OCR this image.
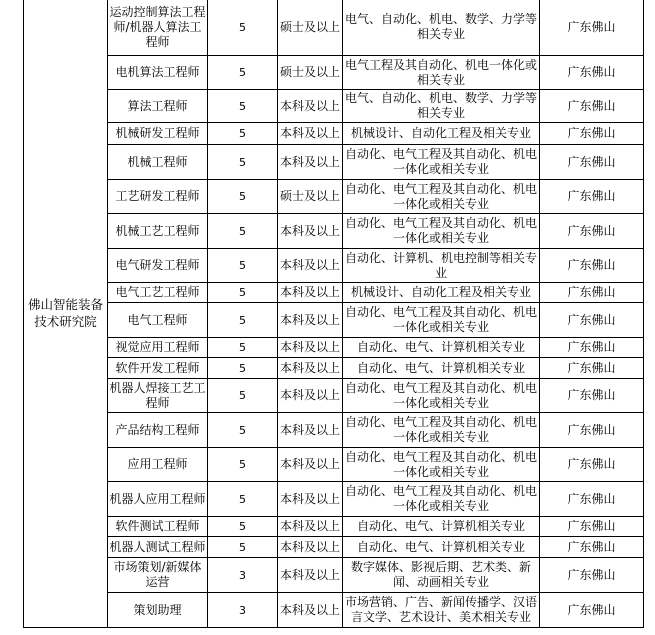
佛山智能装备技术研究院	运动控制算法工程师/机器人算法工程师	5	硕士及以上	电气、自动化、机电、数学、力学等相关专业	广东佛山
	电机算法工程师	5	硕士及以上	电气工程及其自动化、机电一体化或相关专业	广东佛山
	算法工程师	5	本科及以上	电气、自动化、机电、数学、力学等相关专业	广东佛山
	机械研发工程师	5	本科及以上	机械设计、自动化工程及相关专业	广东佛山
	机械工程师	5	本科及以上	自动化、电气工程及其自动化、机电一体化或相关专业	广东佛山
	工艺研发工程师	5	硕士及以上	自动化、电气工程及其自动化、机电一体化或相关专业	广东佛山
	机械工艺工程师	5	本科及以上	自动化、电气工程及其自动化、机电一体化或相关专业	广东佛山
	电气研发工程师	5	本科及以上	自动化、计算机、机电控制等相关专业	广东佛山
	电气工艺工程师	5	本科及以上	机械设计、自动化工程及相关专业	广东佛山
	电气工程师	5	本科及以上	自动化、电气工程及其自动化、机电一体化或相关专业	广东佛山
	视觉应用工程师	5	本科及以上	自动化、电气、计算机相关专业	广东佛山
	软件开发工程师	5	本科及以上	自动化、电气、计算机相关专业	广东佛山
	机器人焊接工艺工程师	5	本科及以上	自动化、电气工程及其自动化、机电一体化或相关专业	广东佛山
	产品结构工程师	5	本科及以上	自动化、电气工程及其自动化、机电一体化或相关专业	广东佛山
	应用工程师	5	本科及以上	自动化、电气工程及其自动化、机电一体化或相关专业	广东佛山
	机器人应用工程师	5	本科及以上	自动化、电气工程及其自动化、机电一体化或相关专业	广东佛山
	软件测试工程师	5	本科及以上	自动化、电气、计算机相关专业	广东佛山
	机器人测试工程师	5	本科及以上	自动化、电气、计算机相关专业	广东佛山
	市场策划/新媒体运营	3	本科及以上	数字媒体、影视后期、艺术类、新闻、动画相关专业	广东佛山
	策划助理	3	本科及以上	市场营销、广告、新闻传播学、汉语言文学、艺术设计、美术相关专业	广东佛山
